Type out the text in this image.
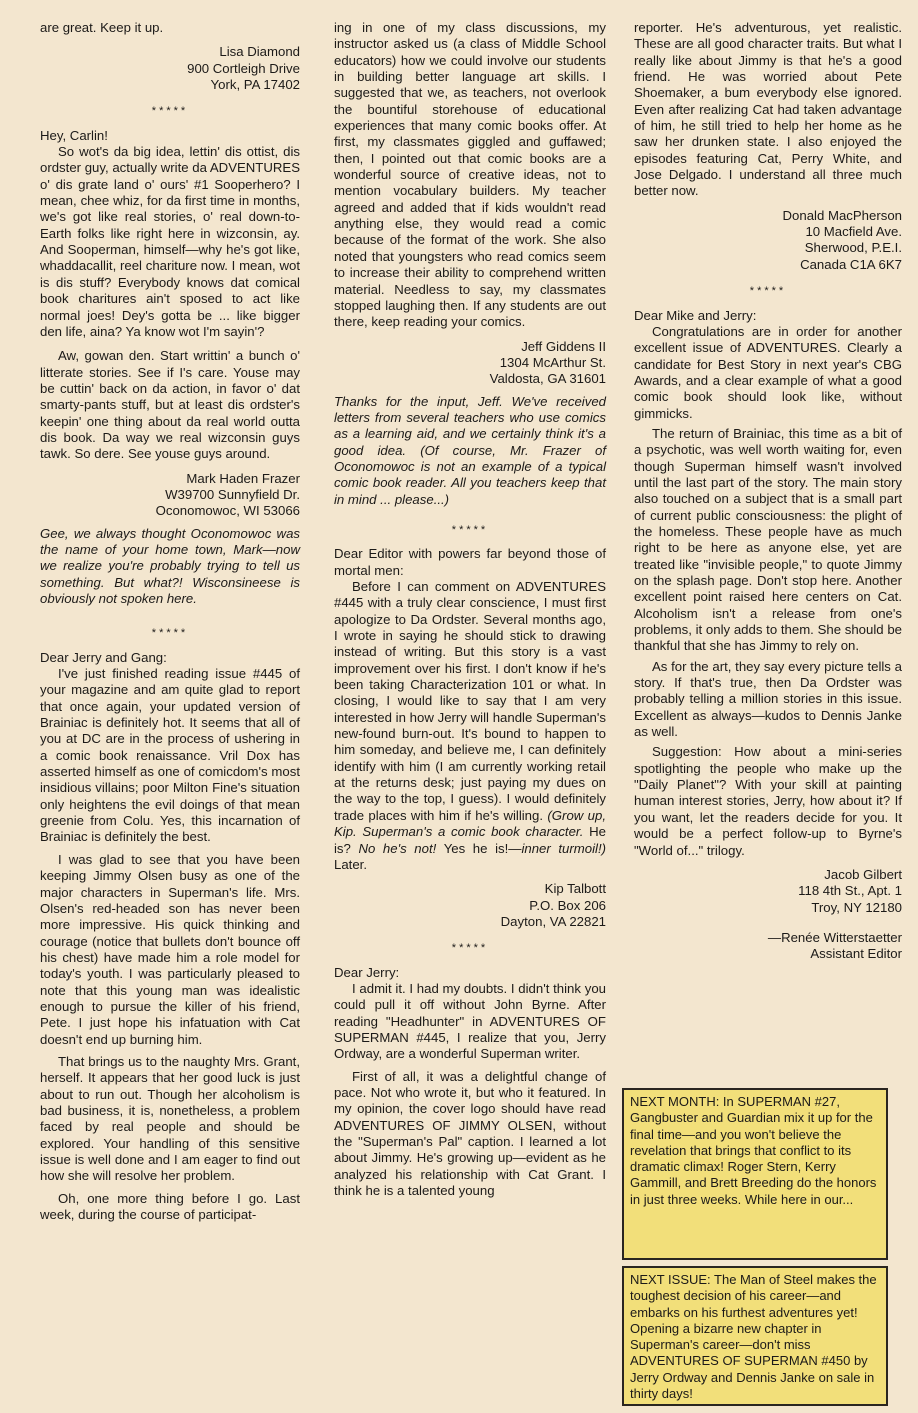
are great. Keep it up.

Lisa Diamond
900 Cortleigh Drive
York, PA 17402
*****

Hey, Carlin!

So wot's da big idea, lettin' dis ottist, dis ordster guy, actually write da ADVENTURES o' dis grate land o' ours' #1 Sooperhero? I mean, chee whiz, for da first time in months, we's got like real stories, o' real down-to-Earth folks like right here in wizconsin, ay. And Sooperman, himself—why he's got like, whaddacallit, reel chariture now. I mean, wot is dis stuff? Everybody knows dat comical book charitures ain't sposed to act like normal joes! Dey's gotta be ... like bigger den life, aina? Ya know wot I'm sayin'?

Aw, gowan den. Start writtin' a bunch o' litterate stories. See if I's care. Youse may be cuttin' back on da action, in favor o' dat smarty-pants stuff, but at least dis ordster's keepin' one thing about da real world outta dis book. Da way we real wizconsin guys tawk. So dere. See youse guys around.

Mark Haden Frazer
W39700 Sunnyfield Dr.
Oconomowoc, WI 53066

Gee, we always thought Oconomowoc was the name of your home town, Mark—now we realize you're probably trying to tell us something. But what?! Wisconsineese is obviously not spoken here.

*****

Dear Jerry and Gang:

I've just finished reading issue #445 of your magazine and am quite glad to report that once again, your updated version of Brainiac is definitely hot. It seems that all of you at DC are in the process of ushering in a comic book renaissance. Vril Dox has asserted himself as one of comicdom's most insidious villains; poor Milton Fine's situation only heightens the evil doings of that mean greenie from Colu. Yes, this incarnation of Brainiac is definitely the best.

I was glad to see that you have been keeping Jimmy Olsen busy as one of the major characters in Superman's life. Mrs. Olsen's red-headed son has never been more impressive. His quick thinking and courage (notice that bullets don't bounce off his chest) have made him a role model for today's youth. I was particularly pleased to note that this young man was idealistic enough to pursue the killer of his friend, Pete. I just hope his infatuation with Cat doesn't end up burning him.

That brings us to the naughty Mrs. Grant, herself. It appears that her good luck is just about to run out. Though her alcoholism is bad business, it is, nonetheless, a problem faced by real people and should be explored. Your handling of this sensitive issue is well done and I am eager to find out how she will resolve her problem.

Oh, one more thing before I go. Last week, during the course of participat-

ing in one of my class discussions, my instructor asked us (a class of Middle School educators) how we could involve our students in building better language art skills. I suggested that we, as teachers, not overlook the bountiful storehouse of educational experiences that many comic books offer. At first, my classmates giggled and guffawed; then, I pointed out that comic books are a wonderful source of creative ideas, not to mention vocabulary builders. My teacher agreed and added that if kids wouldn't read anything else, they would read a comic because of the format of the work. She also noted that youngsters who read comics seem to increase their ability to comprehend written material. Needless to say, my classmates stopped laughing then. If any students are out there, keep reading your comics.

Jeff Giddens II
1304 McArthur St.
Valdosta, GA 31601

Thanks for the input, Jeff. We've received letters from several teachers who use comics as a learning aid, and we certainly think it's a good idea. (Of course, Mr. Frazer of Oconomowoc is not an example of a typical comic book reader. All you teachers keep that in mind ... please...)

*****

Dear Editor with powers far beyond those of mortal men:

Before I can comment on ADVENTURES #445 with a truly clear conscience, I must first apologize to Da Ordster. Several months ago, I wrote in saying he should stick to drawing instead of writing. But this story is a vast improvement over his first. I don't know if he's been taking Characterization 101 or what. In closing, I would like to say that I am very interested in how Jerry will handle Superman's new-found burn-out. It's bound to happen to him someday, and believe me, I can definitely identify with him (I am currently working retail at the returns desk; just paying my dues on the way to the top, I guess). I would definitely trade places with him if he's willing. (Grow up, Kip. Superman's a comic book character. He is? No he's not! Yes he is!—inner turmoil!) Later.

Kip Talbott
P.O. Box 206
Dayton, VA 22821
*****

Dear Jerry:

I admit it. I had my doubts. I didn't think you could pull it off without John Byrne. After reading "Headhunter" in ADVENTURES OF SUPERMAN #445, I realize that you, Jerry Ordway, are a wonderful Superman writer.

First of all, it was a delightful change of pace. Not who wrote it, but who it featured. In my opinion, the cover logo should have read ADVENTURES OF JIMMY OLSEN, without the "Superman's Pal" caption. I learned a lot about Jimmy. He's growing up—evident as he analyzed his relationship with Cat Grant. I think he is a talented young

reporter. He's adventurous, yet realistic. These are all good character traits. But what I really like about Jimmy is that he's a good friend. He was worried about Pete Shoemaker, a bum everybody else ignored. Even after realizing Cat had taken advantage of him, he still tried to help her home as he saw her drunken state. I also enjoyed the episodes featuring Cat, Perry White, and Jose Delgado. I understand all three much better now.

Donald MacPherson
10 Macfield Ave.
Sherwood, P.E.I.
Canada C1A 6K7
*****

Dear Mike and Jerry:

Congratulations are in order for another excellent issue of ADVENTURES. Clearly a candidate for Best Story in next year's CBG Awards, and a clear example of what a good comic book should look like, without gimmicks.

The return of Brainiac, this time as a bit of a psychotic, was well worth waiting for, even though Superman himself wasn't involved until the last part of the story. The main story also touched on a subject that is a small part of current public consciousness: the plight of the homeless. These people have as much right to be here as anyone else, yet are treated like "invisible people," to quote Jimmy on the splash page. Don't stop here. Another excellent point raised here centers on Cat. Alcoholism isn't a release from one's problems, it only adds to them. She should be thankful that she has Jimmy to rely on.

As for the art, they say every picture tells a story. If that's true, then Da Ordster was probably telling a million stories in this issue. Excellent as always—kudos to Dennis Janke as well.

Suggestion: How about a mini-series spotlighting the people who make up the "Daily Planet"? With your skill at painting human interest stories, Jerry, how about it? If you want, let the readers decide for you. It would be a perfect follow-up to Byrne's "World of..." trilogy.

Jacob Gilbert
118 4th St., Apt. 1
Troy, NY 12180
—Renée Witterstaetter
Assistant Editor
NEXT MONTH: In SUPERMAN #27, Gangbuster and Guardian mix it up for the final time—and you won't believe the revelation that brings that conflict to its dramatic climax! Roger Stern, Kerry Gammill, and Brett Breeding do the honors in just three weeks. While here in our...
NEXT ISSUE: The Man of Steel makes the toughest decision of his career—and embarks on his furthest adventures yet! Opening a bizarre new chapter in Superman's career—don't miss ADVENTURES OF SUPERMAN #450 by Jerry Ordway and Dennis Janke on sale in thirty days!
